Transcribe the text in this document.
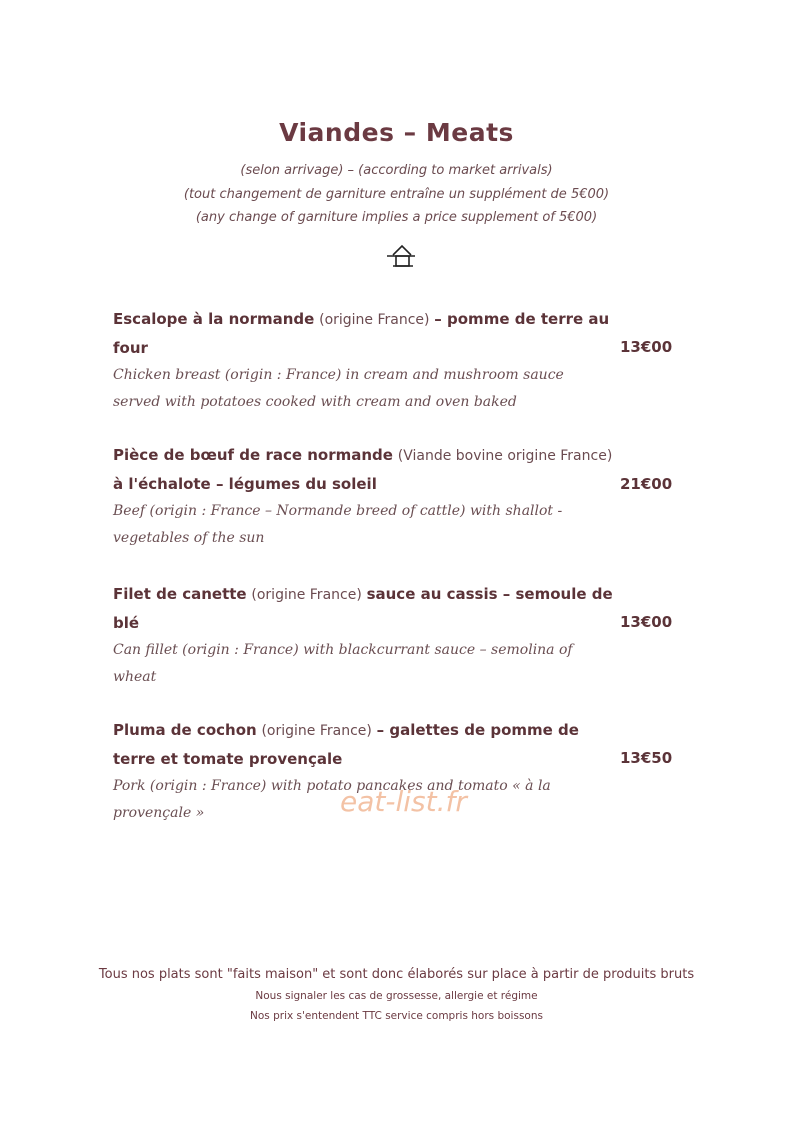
Viandes – Meats
(selon arrivage) – (according to market arrivals)
(tout changement de garniture entraîne un supplément de 5€00)
(any change of garniture implies a price supplement of 5€00)
Escalope à la normande (origine France) – pomme de terre au four
Chicken breast (origin : France) in cream and mushroom sauce served with potatoes cooked with cream and oven baked
13€00
Pièce de bœuf de race normande (Viande bovine origine France) à l'échalote – légumes du soleil
Beef (origin : France – Normande breed of cattle) with shallot - vegetables of the sun
21€00
Filet de canette (origine France) sauce au cassis – semoule de blé
Can fillet (origin : France) with blackcurrant sauce – semolina of wheat
13€00
Pluma de cochon (origine France) – galettes de pomme de terre et tomate provençale
Pork (origin : France) with potato pancakes and tomato « à la provençale »
13€50
eat-list.fr
Tous nos plats sont "faits maison" et sont donc élaborés sur place à partir de produits bruts
Nous signaler les cas de grossesse, allergie et régime
Nos prix s'entendent TTC service compris hors boissons
